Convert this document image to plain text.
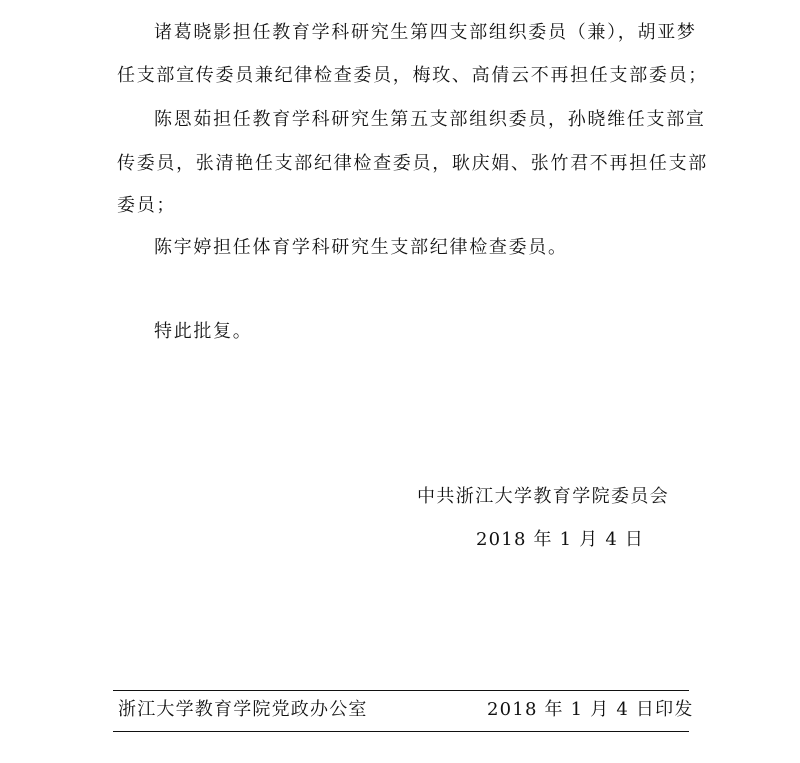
诸葛晓影担任教育学科研究生第四支部组织委员（兼），胡亚梦
任支部宣传委员兼纪律检查委员，梅玫、高倩云不再担任支部委员；
陈恩茹担任教育学科研究生第五支部组织委员，孙晓维任支部宣
传委员，张清艳任支部纪律检查委员，耿庆娟、张竹君不再担任支部
委员；
陈宇婷担任体育学科研究生支部纪律检查委员。
特此批复。
中共浙江大学教育学院委员会
2018 年 1 月 4 日
浙江大学教育学院党政办公室	2018 年 1 月 4 日印发
